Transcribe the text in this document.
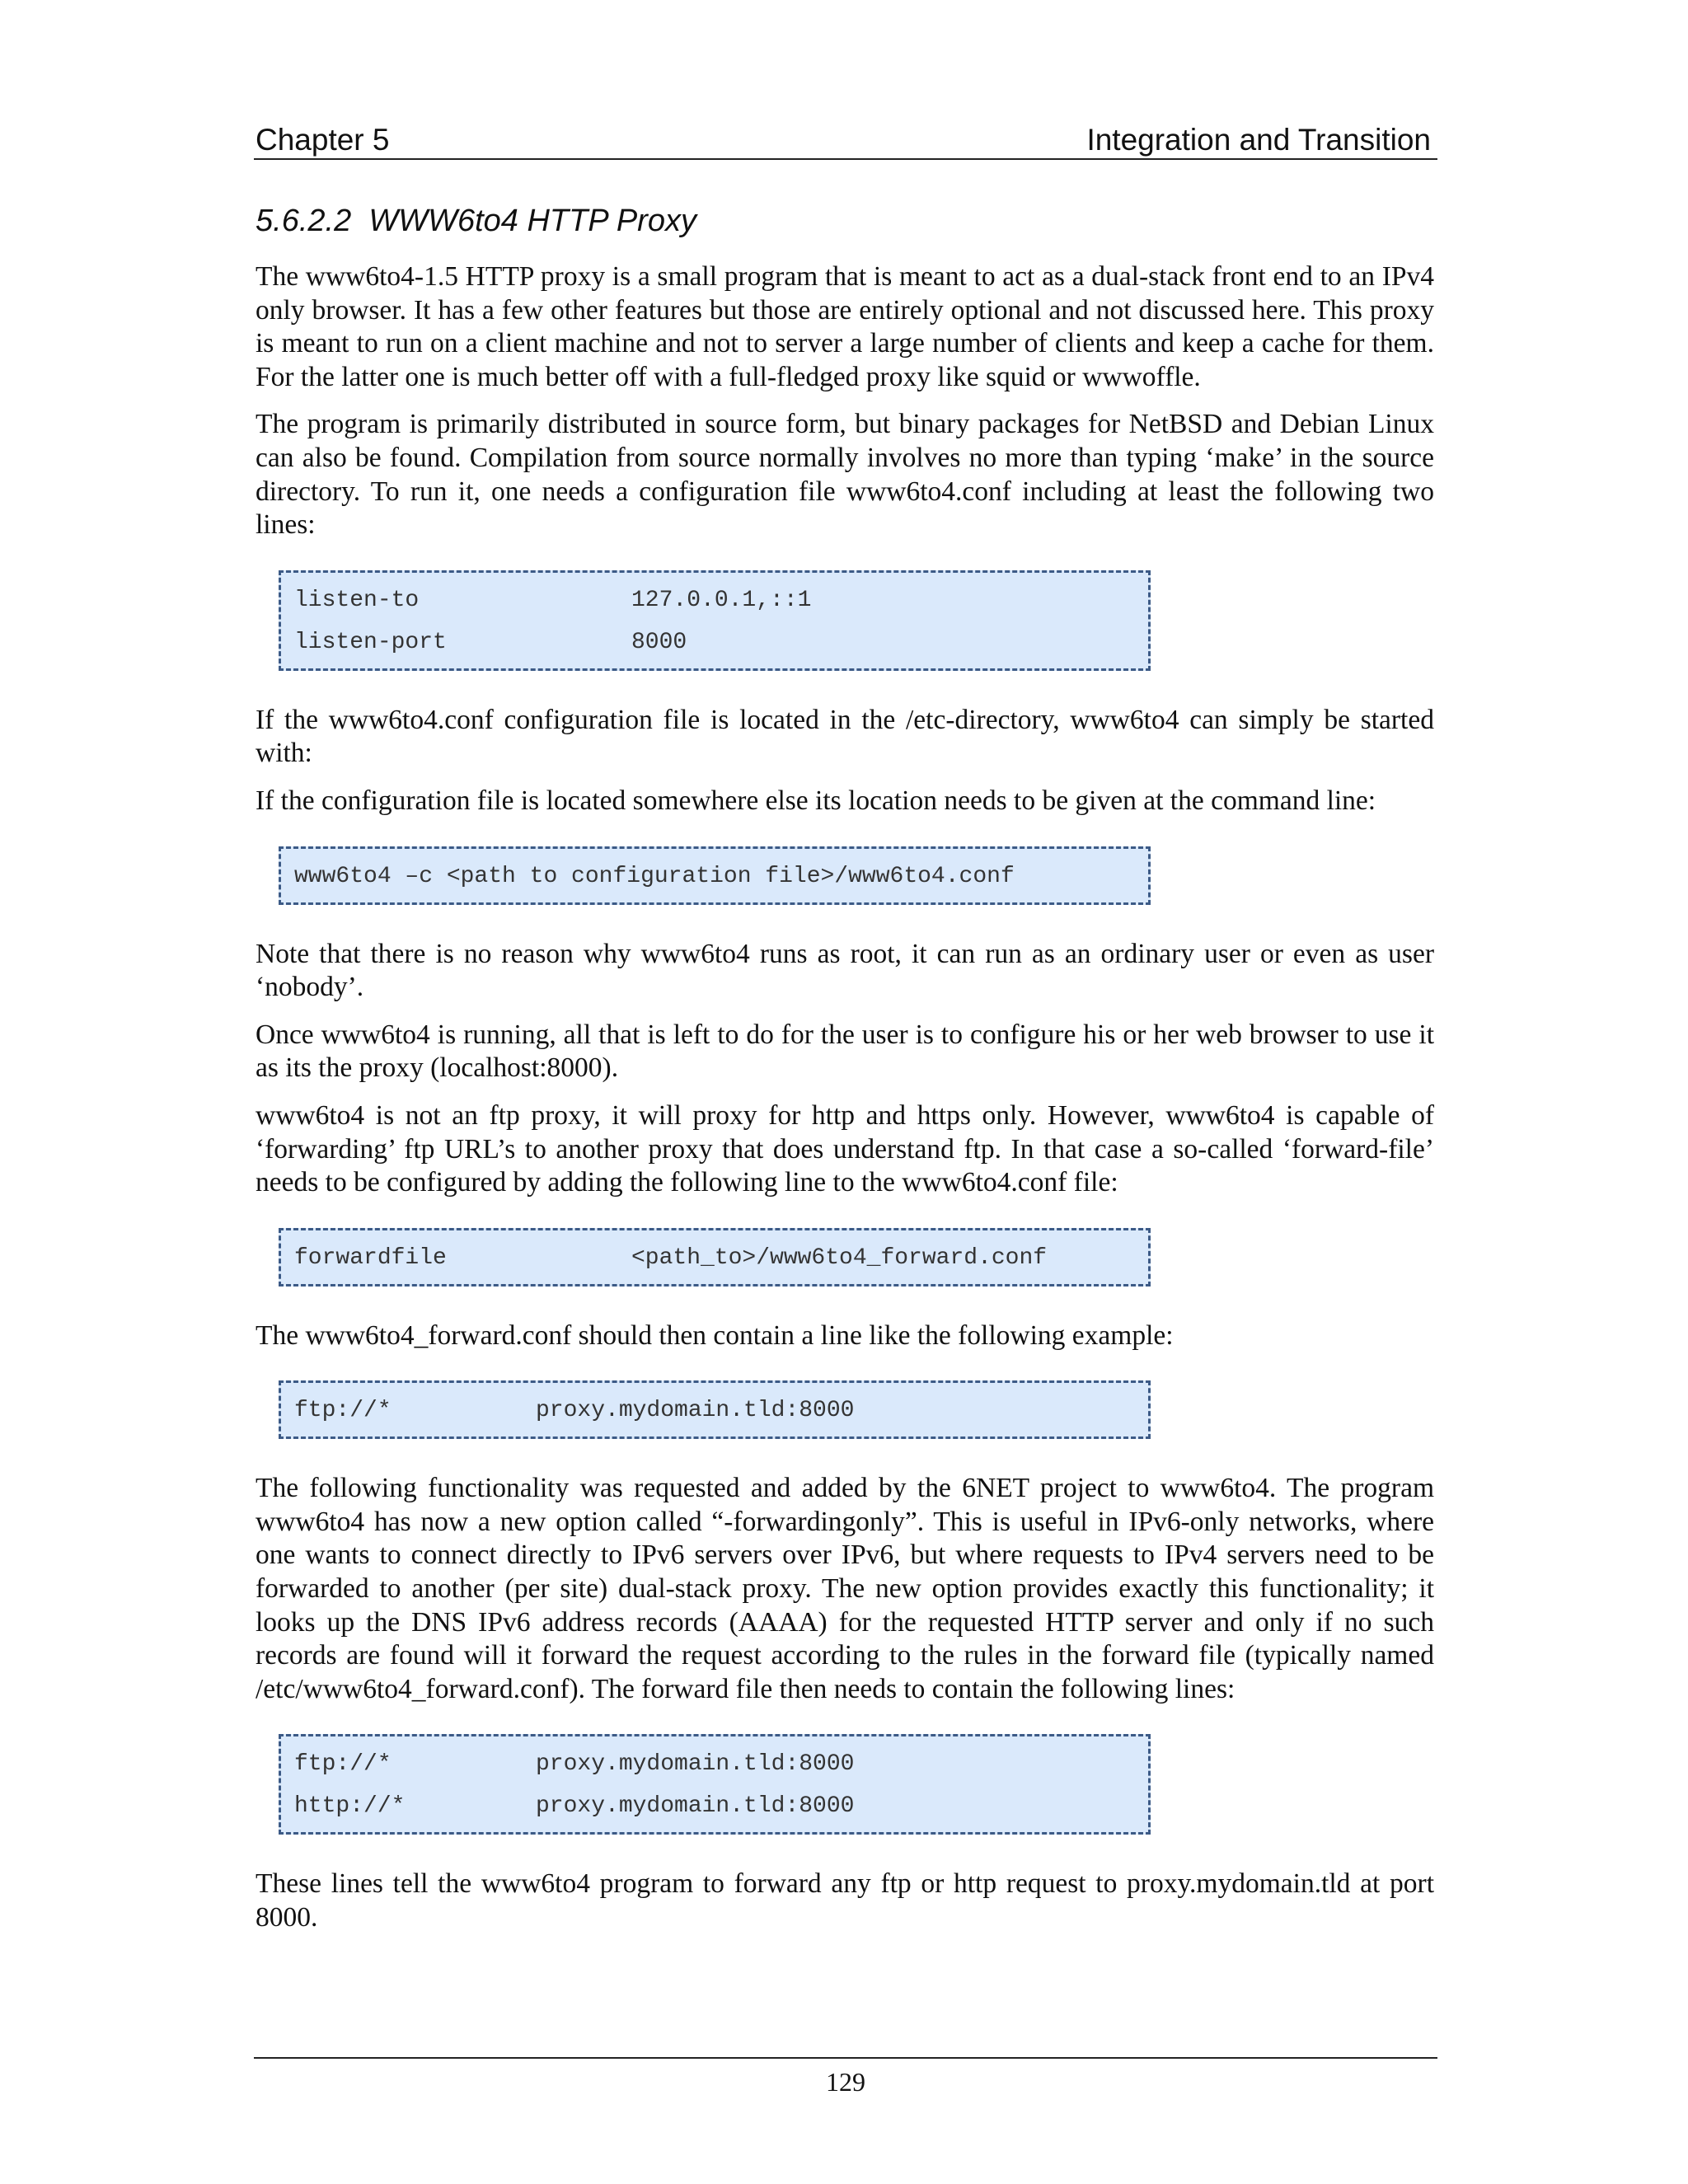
Chapter 5	Integration and Transition
5.6.2.2 WWW6to4 HTTP Proxy

The www6to4-1.5 HTTP proxy is a small program that is meant to act as a dual-stack front end to an IPv4 only browser. It has a few other features but those are entirely optional and not discussed here. This proxy is meant to run on a client machine and not to server a large number of clients and keep a cache for them. For the latter one is much better off with a full-fledged proxy like squid or wwwoffle.

The program is primarily distributed in source form, but binary packages for NetBSD and Debian Linux can also be found. Compilation from source normally involves no more than typing ‘make’ in the source directory. To run it, one needs a configuration file www6to4.conf including at least the following two lines:

listen-to	127.0.0.1,::1
listen-port	8000

If the www6to4.conf configuration file is located in the /etc-directory, www6to4 can simply be started with:

If the configuration file is located somewhere else its location needs to be given at the command line:

www6to4 –c <path to configuration file>/www6to4.conf

Note that there is no reason why www6to4 runs as root, it can run as an ordinary user or even as user ‘nobody’.

Once www6to4 is running, all that is left to do for the user is to configure his or her web browser to use it as its the proxy (localhost:8000).

www6to4 is not an ftp proxy, it will proxy for http and https only. However, www6to4 is capable of ‘forwarding’ ftp URL’s to another proxy that does understand ftp. In that case a so-called ‘forward-file’ needs to be configured by adding the following line to the www6to4.conf file:

forwardfile	<path_to>/www6to4_forward.conf

The www6to4_forward.conf should then contain a line like the following example:

ftp://*	proxy.mydomain.tld:8000

The following functionality was requested and added by the 6NET project to www6to4. The program www6to4 has now a new option called “-forwardingonly”. This is useful in IPv6-only networks, where one wants to connect directly to IPv6 servers over IPv6, but where requests to IPv4 servers need to be forwarded to another (per site) dual-stack proxy. The new option provides exactly this functionality; it looks up the DNS IPv6 address records (AAAA) for the requested HTTP server and only if no such records are found will it forward the request according to the rules in the forward file (typically named /etc/www6to4_forward.conf). The forward file then needs to contain the following lines:

ftp://*	proxy.mydomain.tld:8000
http://*	proxy.mydomain.tld:8000

These lines tell the www6to4 program to forward any ftp or http request to proxy.mydomain.tld at port 8000.

129
